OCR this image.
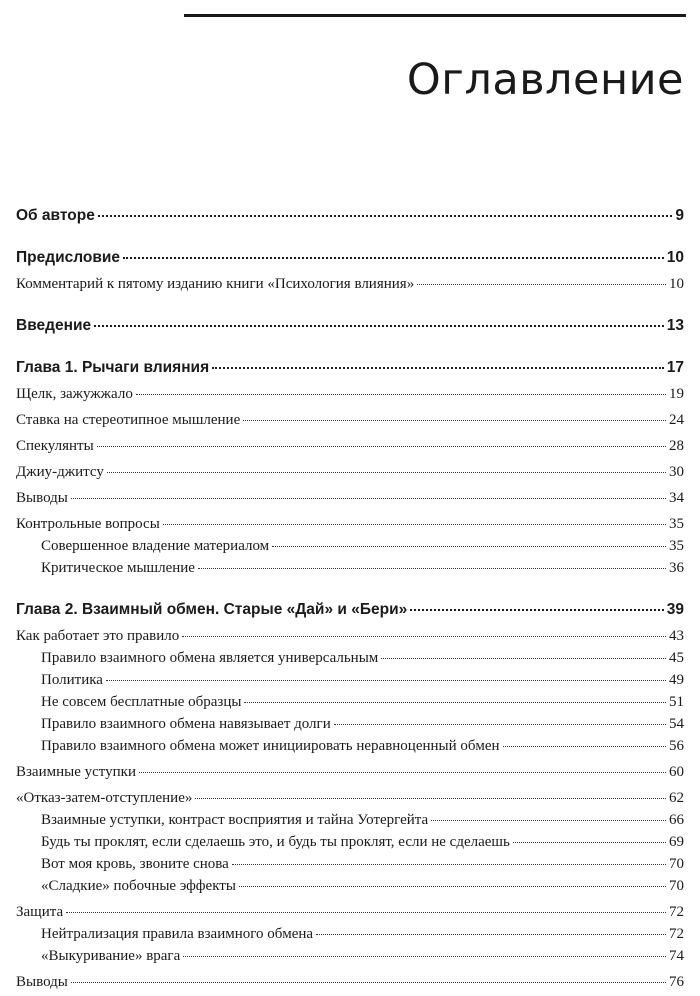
Оглавление
Об авторе	9
Предисловие	10
Комментарий к пятому изданию книги «Психология влияния»	10
Введение	13
Глава 1. Рычаги влияния	17
Щелк, зажужжало	19
Ставка на стереотипное мышление	24
Спекулянты	28
Джиу-джитсу	30
Выводы	34
Контрольные вопросы	35
Совершенное владение материалом	35
Критическое мышление	36
Глава 2. Взаимный обмен. Старые «Дай» и «Бери»	39
Как работает это правило	43
Правило взаимного обмена является универсальным	45
Политика	49
Не совсем бесплатные образцы	51
Правило взаимного обмена навязывает долги	54
Правило взаимного обмена может инициировать неравноценный обмен	56
Взаимные уступки	60
«Отказ-затем-отступление»	62
Взаимные уступки, контраст восприятия и тайна Уотергейта	66
Будь ты проклят, если сделаешь это, и будь ты проклят, если не сделаешь	69
Вот моя кровь, звоните снова	70
«Сладкие» побочные эффекты	70
Защита	72
Нейтрализация правила взаимного обмена	72
«Выкуривание» врага	74
Выводы	76
